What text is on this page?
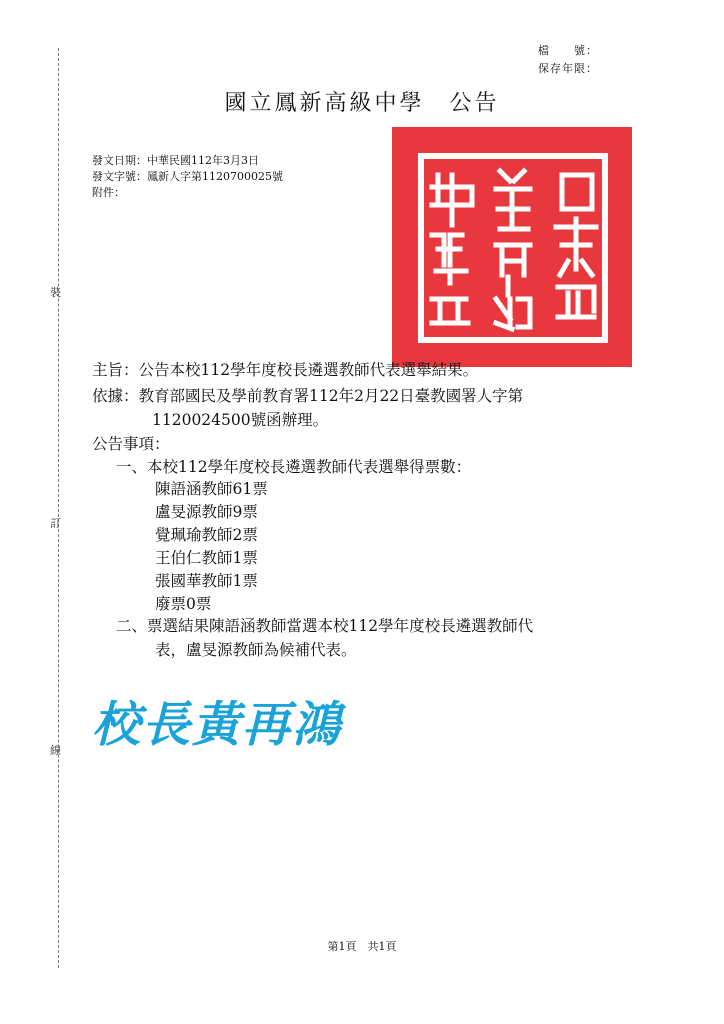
裝
訂
線
檔　　號：
保存年限：
國立鳳新高級中學　公告
發文日期：中華民國112年3月3日
發文字號：鳳新人字第1120700025號
附件：
主旨：公告本校112學年度校長遴選教師代表選舉結果。
依據：教育部國民及學前教育署112年2月22日臺教國署人字第
1120024500號函辦理。
公告事項：
一、本校112學年度校長遴選教師代表選舉得票數：
陳語涵教師61票
盧旻源教師9票
覺珮瑜教師2票
王伯仁教師1票
張國華教師1票
廢票0票
二、票選結果陳語涵教師當選本校112學年度校長遴選教師代
表，盧旻源教師為候補代表。
校長黃再鴻
第1頁　共1頁
